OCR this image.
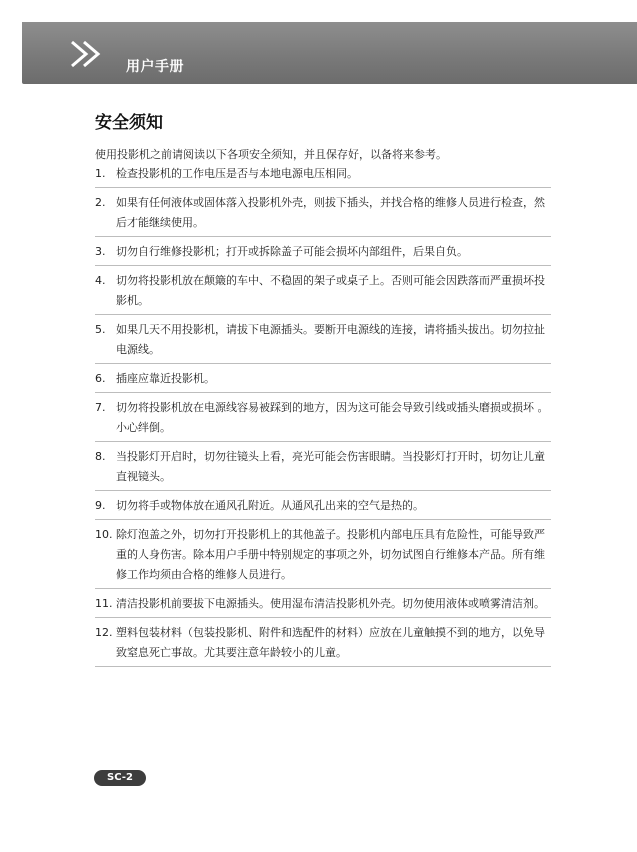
用户手册
安全须知
使用投影机之前请阅读以下各项安全须知，并且保存好，以备将来参考。
1. 检查投影机的工作电压是否与本地电源电压相同。
2. 如果有任何液体或固体落入投影机外壳，则拔下插头，并找合格的维修人员进行检查，然后才能继续使用。
3. 切勿自行维修投影机；打开或拆除盖子可能会损坏内部组件，后果自负。
4. 切勿将投影机放在颠簸的车中、不稳固的架子或桌子上。否则可能会因跌落而严重损坏投影机。
5. 如果几天不用投影机，请拔下电源插头。要断开电源线的连接，请将插头拔出。切勿拉扯电源线。
6. 插座应靠近投影机。
7. 切勿将投影机放在电源线容易被踩到的地方，因为这可能会导致引线或插头磨损或损坏 。小心绊倒。
8. 当投影灯开启时，切勿往镜头上看，亮光可能会伤害眼睛。当投影灯打开时，切勿让儿童直视镜头。
9. 切勿将手或物体放在通风孔附近。从通风孔出来的空气是热的。
10. 除灯泡盖之外，切勿打开投影机上的其他盖子。投影机内部电压具有危险性，可能导致严重的人身伤害。除本用户手册中特别规定的事项之外，切勿试图自行维修本产品。所有维修工作均须由合格的维修人员进行。
11. 清洁投影机前要拔下电源插头。使用湿布清洁投影机外壳。切勿使用液体或喷雾清洁剂。
12. 塑料包装材料（包装投影机、附件和选配件的材料）应放在儿童触摸不到的地方，以免导致窒息死亡事故。尤其要注意年龄较小的儿童。
SC-2
